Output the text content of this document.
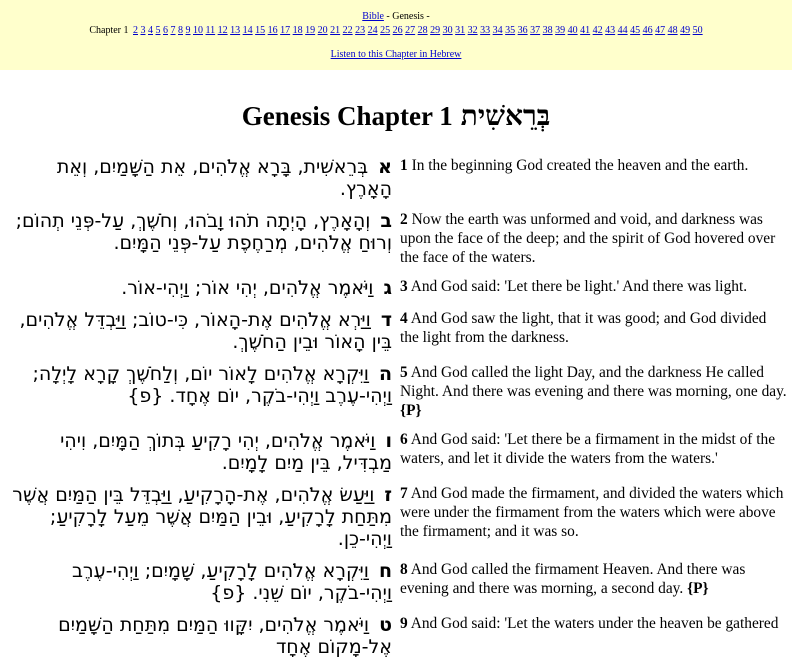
Bible - Genesis -
Chapter 1 2 3 4 5 6 7 8 9 10 11 12 13 14 15 16 17 18 19 20 21 22 23 24 25 26 27 28 29 30 31 32 33 34 35 36 37 38 39 40 41 42 43 44 45 46 47 48 49 50
Listen to this Chapter in Hebrew
Genesis Chapter 1 בְּרֵאשִׁית
אבְּרֵאשִׁית, בָּרָא אֱלֹהִים, אֵת הַשָּׁמַיִם, וְאֵת הָאָרֶץ.
1 In the beginning God created the heaven and the earth.
בוְהָאָרֶץ, הָיְתָה תֹהוּ וָבֹהוּ, וְחֹשֶׁךְ, עַל-פְּנֵי תְהוֹם; וְרוּחַ אֱלֹהִים, מְרַחֶפֶת עַל-פְּנֵי הַמָּיִם.
2 Now the earth was unformed and void, and darkness was upon the face of the deep; and the spirit of God hovered over the face of the waters.
גוַיֹּאמֶר אֱלֹהִים, יְהִי אוֹר; וַיְהִי-אוֹר.	3 And God said: 'Let there be light.' And there was light.
דוַיַּרְא אֱלֹהִים אֶת-הָאוֹר, כִּי-טוֹב; וַיַּבְדֵּל אֱלֹהִים, בֵּין הָאוֹר וּבֵין הַחֹשֶׁךְ.
4 And God saw the light, that it was good; and God divided the light from the darkness.
הוַיִּקְרָא אֱלֹהִים לָאוֹר יוֹם, וְלַחֹשֶׁךְ קָרָא לָיְלָה; וַיְהִי-עֶרֶב וַיְהִי-בֹקֶר, יוֹם אֶחָד. {פ}
5 And God called the light Day, and the darkness He called Night. And there was evening and there was morning, one day. {P}
ווַיֹּאמֶר אֱלֹהִים, יְהִי רָקִיעַ בְּתוֹךְ הַמָּיִם, וִיהִי מַבְדִּיל, בֵּין מַיִם לָמָיִם.
6 And God said: 'Let there be a firmament in the midst of the waters, and let it divide the waters from the waters.'
זוַיַּעַשׂ אֱלֹהִים, אֶת-הָרָקִיעַ, וַיַּבְדֵּל בֵּין הַמַּיִם אֲשֶׁר מִתַּחַת לָרָקִיעַ, וּבֵין הַמַּיִם אֲשֶׁר מֵעַל לָרָקִיעַ; וַיְהִי-כֵן.
7 And God made the firmament, and divided the waters which were under the firmament from the waters which were above the firmament; and it was so.
חוַיִּקְרָא אֱלֹהִים לָרָקִיעַ, שָׁמָיִם; וַיְהִי-עֶרֶב וַיְהִי-בֹקֶר, יוֹם שֵׁנִי. {פ}
8 And God called the firmament Heaven. And there was evening and there was morning, a second day. {P}
טוַיֹּאמֶר אֱלֹהִים, יִקָּווּ הַמַּיִם מִתַּחַת הַשָּׁמַיִם אֶל-מָקוֹם אֶחָד
9 And God said: 'Let the waters under the heaven be gathered
